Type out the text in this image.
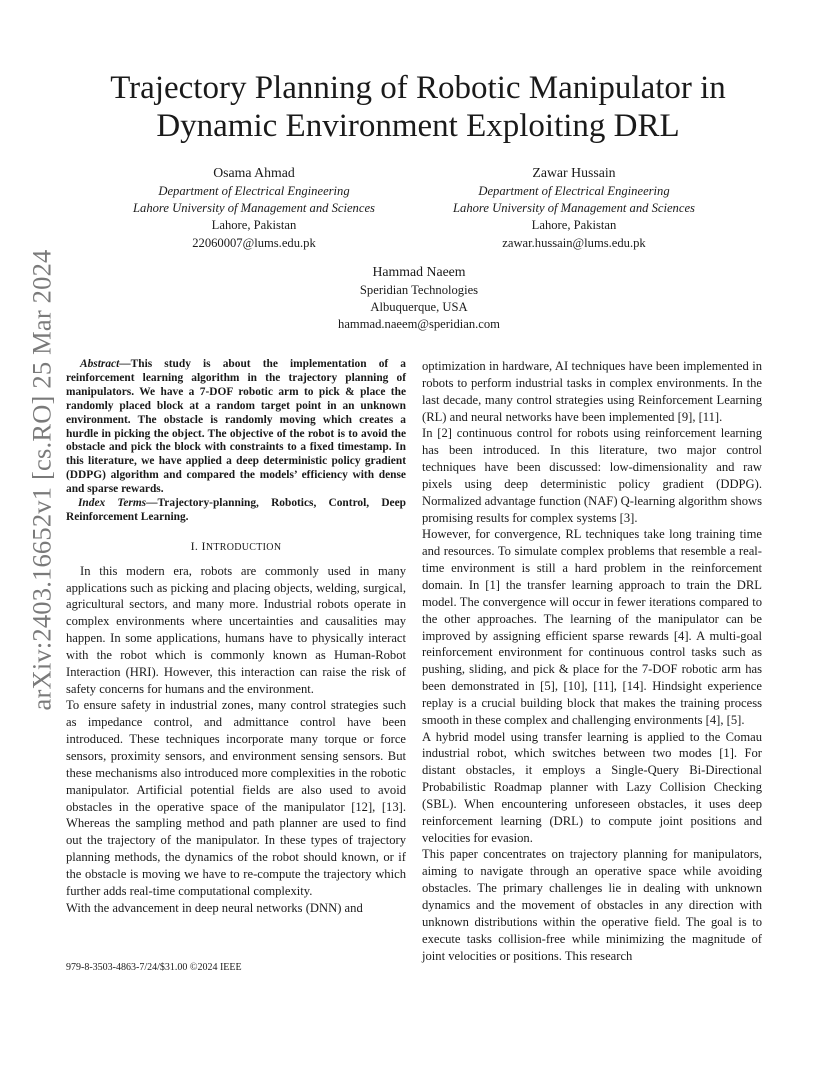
arXiv:2403.16652v1 [cs.RO] 25 Mar 2024
Trajectory Planning of Robotic Manipulator in
Dynamic Environment Exploiting DRL
Osama Ahmad
Department of Electrical Engineering
Lahore University of Management and Sciences
Lahore, Pakistan
22060007@lums.edu.pk
Zawar Hussain
Department of Electrical Engineering
Lahore University of Management and Sciences
Lahore, Pakistan
zawar.hussain@lums.edu.pk
Hammad Naeem
Speridian Technologies
Albuquerque, USA
hammad.naeem@speridian.com

Abstract—This study is about the implementation of a reinforcement learning algorithm in the trajectory planning of manipulators. We have a 7-DOF robotic arm to pick & place the randomly placed block at a random target point in an unknown environment. The obstacle is randomly moving which creates a hurdle in picking the object. The objective of the robot is to avoid the obstacle and pick the block with constraints to a fixed timestamp. In this literature, we have applied a deep deterministic policy gradient (DDPG) algorithm and compared the models’ efficiency with dense and sparse rewards.

Index Terms—Trajectory-planning, Robotics, Control, Deep Reinforcement Learning.

I. INTRODUCTION

In this modern era, robots are commonly used in many applications such as picking and placing objects, welding, surgical, agricultural sectors, and many more. Industrial robots operate in complex environments where uncertainties and causalities may happen. In some applications, humans have to physically interact with the robot which is commonly known as Human-Robot Interaction (HRI). However, this interaction can raise the risk of safety concerns for humans and the environment.

To ensure safety in industrial zones, many control strategies such as impedance control, and admittance control have been introduced. These techniques incorporate many torque or force sensors, proximity sensors, and environment sensing sensors. But these mechanisms also introduced more complexities in the robotic manipulator. Artificial potential fields are also used to avoid obstacles in the operative space of the manipulator [12], [13]. Whereas the sampling method and path planner are used to find out the trajectory of the manipulator. In these types of trajectory planning methods, the dynamics of the robot should known, or if the obstacle is moving we have to re-compute the trajectory which further adds real-time computational complexity.

With the advancement in deep neural networks (DNN) and

optimization in hardware, AI techniques have been implemented in robots to perform industrial tasks in complex environments. In the last decade, many control strategies using Reinforcement Learning (RL) and neural networks have been implemented [9], [11].

In [2] continuous control for robots using reinforcement learning has been introduced. In this literature, two major control techniques have been discussed: low-dimensionality and raw pixels using deep deterministic policy gradient (DDPG). Normalized advantage function (NAF) Q-learning algorithm shows promising results for complex systems [3].

However, for convergence, RL techniques take long training time and resources. To simulate complex problems that resemble a real-time environment is still a hard problem in the reinforcement domain. In [1] the transfer learning approach to train the DRL model. The convergence will occur in fewer iterations compared to the other approaches. The learning of the manipulator can be improved by assigning efficient sparse rewards [4]. A multi-goal reinforcement environment for continuous control tasks such as pushing, sliding, and pick & place for the 7-DOF robotic arm has been demonstrated in [5], [10], [11], [14]. Hindsight experience replay is a crucial building block that makes the training process smooth in these complex and challenging environments [4], [5].

A hybrid model using transfer learning is applied to the Comau industrial robot, which switches between two modes [1]. For distant obstacles, it employs a Single-Query Bi-Directional Probabilistic Roadmap planner with Lazy Collision Checking (SBL). When encountering unforeseen obstacles, it uses deep reinforcement learning (DRL) to compute joint positions and velocities for evasion.

This paper concentrates on trajectory planning for manipulators, aiming to navigate through an operative space while avoiding obstacles. The primary challenges lie in dealing with unknown dynamics and the movement of obstacles in any direction with unknown distributions within the operative field. The goal is to execute tasks collision-free while minimizing the magnitude of joint velocities or positions. This research

979-8-3503-4863-7/24/$31.00 ©2024 IEEE
